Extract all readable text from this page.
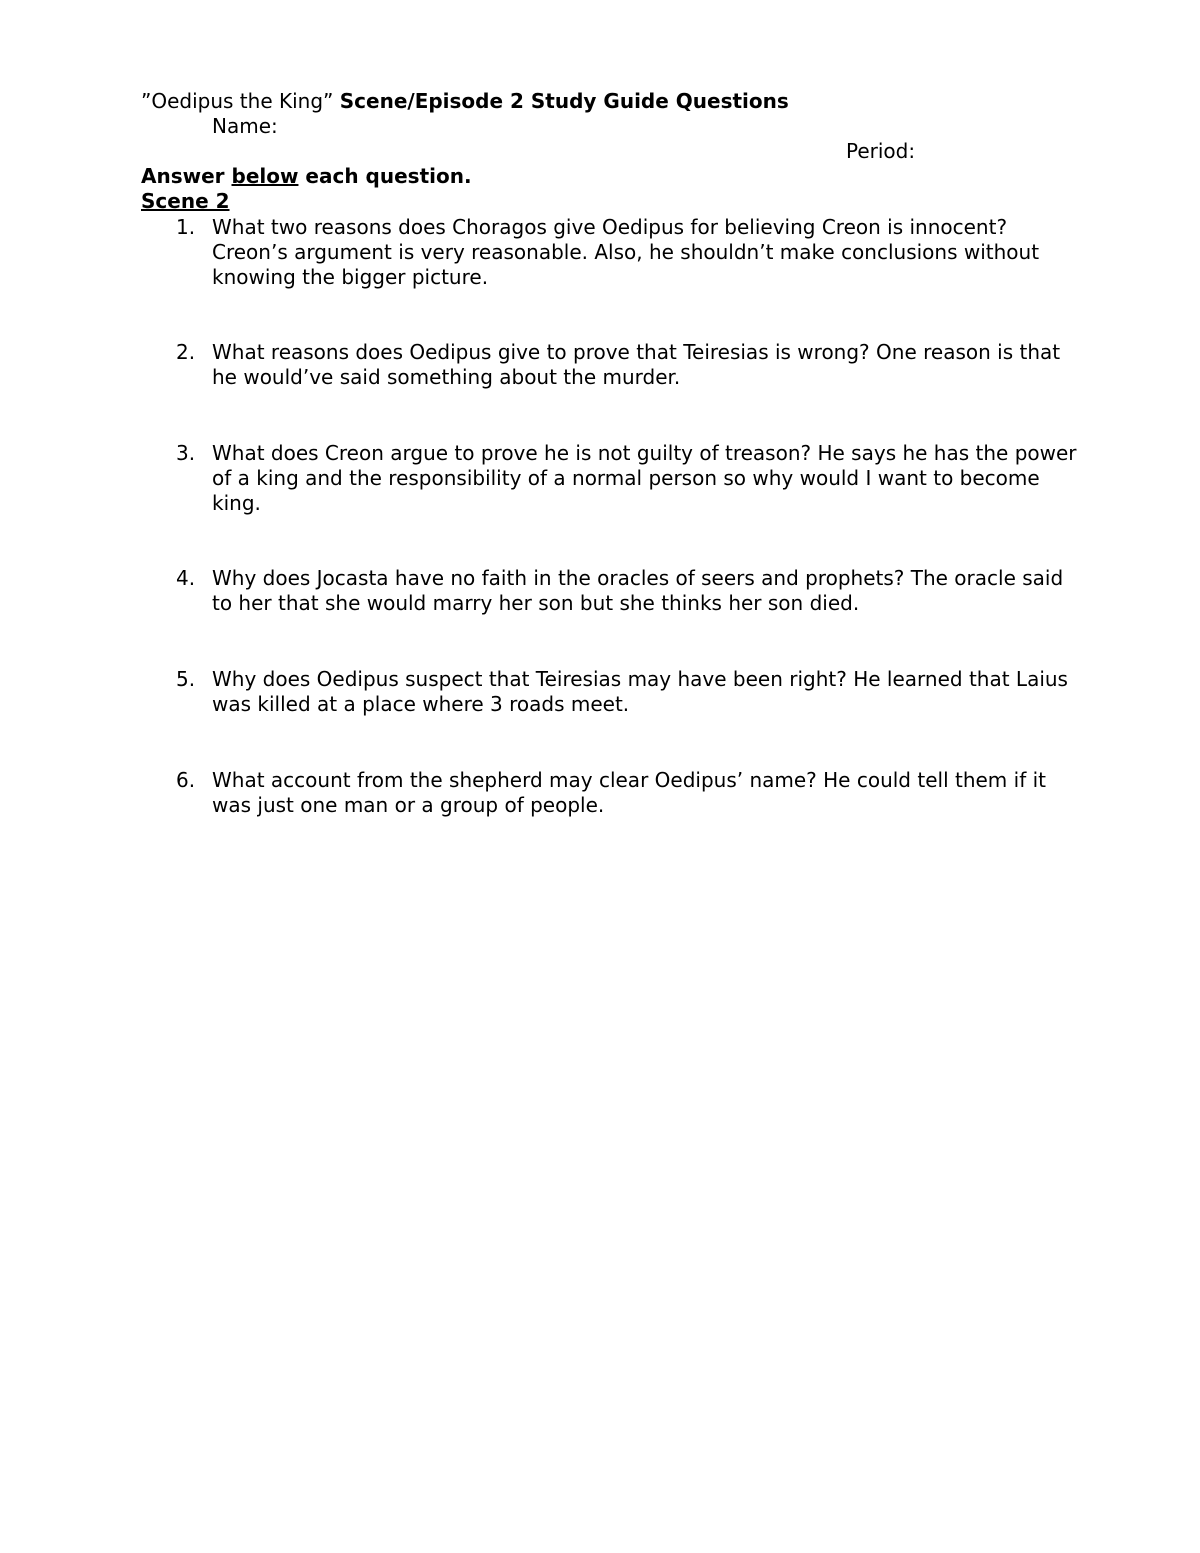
”Oedipus the King” Scene/Episode 2 Study Guide Questions
Name:
Period:
Answer below each question.
Scene 2
1. What two reasons does Choragos give Oedipus for believing Creon is innocent? Creon’s argument is very reasonable. Also, he shouldn’t make conclusions without knowing the bigger picture.
2. What reasons does Oedipus give to prove that Teiresias is wrong? One reason is that he would’ve said something about the murder.
3. What does Creon argue to prove he is not guilty of treason? He says he has the power of a king and the responsibility of a normal person so why would I want to become king.
4. Why does Jocasta have no faith in the oracles of seers and prophets? The oracle said to her that she would marry her son but she thinks her son died.
5. Why does Oedipus suspect that Teiresias may have been right? He learned that Laius was killed at a place where 3 roads meet.
6. What account from the shepherd may clear Oedipus’ name? He could tell them if it was just one man or a group of people.
